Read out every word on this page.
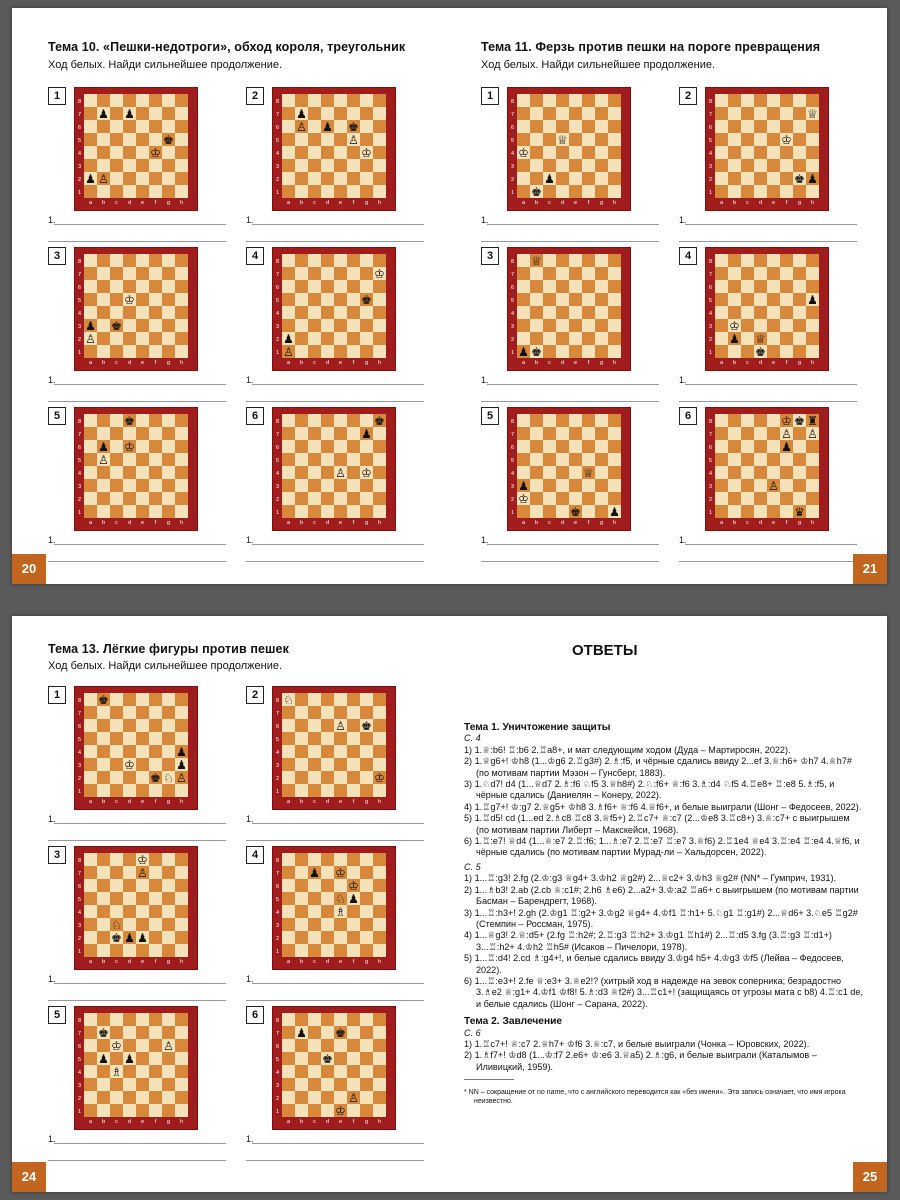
Тема 10. «Пешки-недотроги», обход короля, треугольник
Ход белых. Найди сильнейшее продолжение.
Тема 11. Ферзь против пешки на пороге превращения
Ход белых. Найди сильнейшее продолжение.
1	8
7
6
5
4
3
2
1
a b c d e f g h
♟ ♟
♚
♔
♟ ♙
1.
2	8
7
6
5
4
3
2
1
a b c d e f g h
♟
♙ ♟ ♚
♙
♔
1.
3	8
7
6
5
4
3
2
1
a b c d e f g h
♔
♟ ♚
♙
1.
4	8
7
6
5
4
3
2
1
a b c d e f g h
♔
♚
♟
♙
1.
5	8
7
6
5
4
3
2
1
a b c d e f g h
♚
♟ ♔
♙
1.
6	8
7
6
5
4
3
2
1
a b c d e f g h
♚
♟
♙ ♔
1.
1	8
7
6
5
4
3
2
1
a b c d e f g h
♕
♔
♟
♚
1.
2	8
7
6
5
4
3
2
1
a b c d e f g h
♕
♔
♚ ♟
1.
3	8
7
6
5
4
3
2
1
a b c d e f g h
♕
♟ ♚
1.
4	8
7
6
5
4
3
2
1
a b c d e f g h
♟
♔
♟ ♕
♚
1.
5	8
7
6
5
4
3
2
1
a b c d e f g h
♕
♟
♔
♚ ♟
1.
6	8
7
6
5
4
3
2
1
a b c d e f g h
♔ ♚ ♜
♙ ♙
♟
♙
♛
1.
20	21
Тема 13. Лёгкие фигуры против пешек
Ход белых. Найди сильнейшее продолжение.
1	8
7
6
5
4
3
2
1
a b c d e f g h
♚
♟
♔	♟
♚ ♘ ♙
1.
2	8
7
6
5
4
3
2
1
a b c d e f g h
♘
♙ ♚
♔
1.
3	8
7
6
5
4
3
2
1
a b c d e f g h
♔
♙
♘
♚ ♟ ♟
1.
4	8
7
6
5
4
3
2
1
a b c d e f g h
♟ ♔
♔
♘ ♟
♗
1.
5	8
7
6
5
4
3
2
1
a b c d e f g h
♚
♔	♙
♟ ♟
♗
1.
6	8
7
6
5
4
3
2
1
a b c d e f g h
♟ ♚
♚
♙
♔
1.
ОТВЕТЫ
Тема 1. Уничтожение защиты
С. 4

1) 1.♕:b6! ♖:b6 2.♖a8+, и мат следующим ходом (Дуда – Мартиросян, 2022).

2) 1.♕g6+! ♔h8 (1...♔g6 2.♖g3#) 2.♗:f5, и чёрные сдались ввиду 2...ef 3.♕:h6+ ♔h7 4.♕h7# (по мотивам партии Мэзон – Гунсберг, 1883).

3) 1.♘d7! d4 (1...♕d7 2.♗:f6 ♘f5 3.♕h8#) 2.♘:f6+ ♕:f6 3.♗:d4 ♘f5 4.♖e8+ ♖:e8 5.♗:f5, и чёрные сдались (Даниелян – Конеру, 2022).

4) 1.♖g7+! ♔:g7 2.♕g5+ ♔h8 3.♗f6+ ♕:f6 4.♕f6+, и белые выиграли (Шонг – Федосеев, 2022).

5) 1.♖d5! cd (1...ed 2.♗c8 ♖c8 3.♕f5+) 2.♖c7+ ♕:c7 (2...♔e8 3.♖c8+) 3.♕:c7+ с выигрышем (по мотивам партии Либерт – Макскейси, 1968).

6) 1.♖:e7! ♕d4 (1...♕:e7 2.♖:f6; 1...♗:e7 2.♖:e7 ♖:e7 3.♕f6) 2.♖1e4 ♕e4 3.♖:e4 ♖:e4 4.♕f6, и чёрные сдались (по мотивам партии Мурад-ли – Хальдорсен, 2022).

С. 5

1) 1...♖:g3! 2.fg (2.♔:g3 ♕g4+ 3.♔h2 ♕g2#) 2...♕c2+ 3.♔h3 ♕g2# (NN* – Гумприч, 1931).

2) 1...♗b3! 2.ab (2.cb ♕:c1#; 2.h6 ♗e6) 2...a2+ 3.♔:a2 ♖a6+ с выигрышем (по мотивам партии Басман – Барендрегт, 1968).

3) 1...♖:h3+! 2.gh (2.♔g1 ♖:g2+ 3.♔g2 ♕g4+ 4.♔f1 ♖:h1+ 5.♘g1 ♖:g1#) 2...♕d6+ 3.♘e5 ♖g2# (Стемпин – Россман, 1975).

4) 1...♕g3! 2.♕:d5+ (2.fg ♖:h2#; 2.♖:g3 ♖:h2+ 3.♔g1 ♖h1#) 2...♖:d5 3.fg (3.♖:g3 ♖:d1+) 3...♖:h2+ 4.♔h2 ♖h5# (Исаков – Пичелори, 1978).

5) 1...♖:d4! 2.cd ♗:g4+!, и белые сдались ввиду 3.♔g4 h5+ 4.♔g3 ♔f5 (Лейва – Федосеев, 2022).

6) 1...♖:e3+! 2.fe ♕:e3+ 3.♕e2!? (хитрый ход в надежде на зевок соперника; безрадостно 3.♗e2 ♕:g1+ 4.♔f1 ♔f8! 5.♗:d3 ♕f2#) 3...♖c1+! (защищаясь от угрозы мата с b8) 4.♖:c1 de, и белые сдались (Шонг – Сарана, 2022).

Тема 2. Завлечение
С. 6

1) 1.♖c7+! ♕:c7 2.♕h7+ ♔f6 3.♕:c7, и белые выиграли (Чонка – Юровских, 2022).

2) 1.♗f7+! ♔d8 (1...♔:f7 2.e6+ ♔:e6 3.♕a5) 2.♗:g6, и белые выиграли (Каталымов – Иливицкий, 1959).

* NN – сокращение от no name, что с английского переводится как «без имени». Эта запись означает, что имя игрока неизвестно.
24	25
